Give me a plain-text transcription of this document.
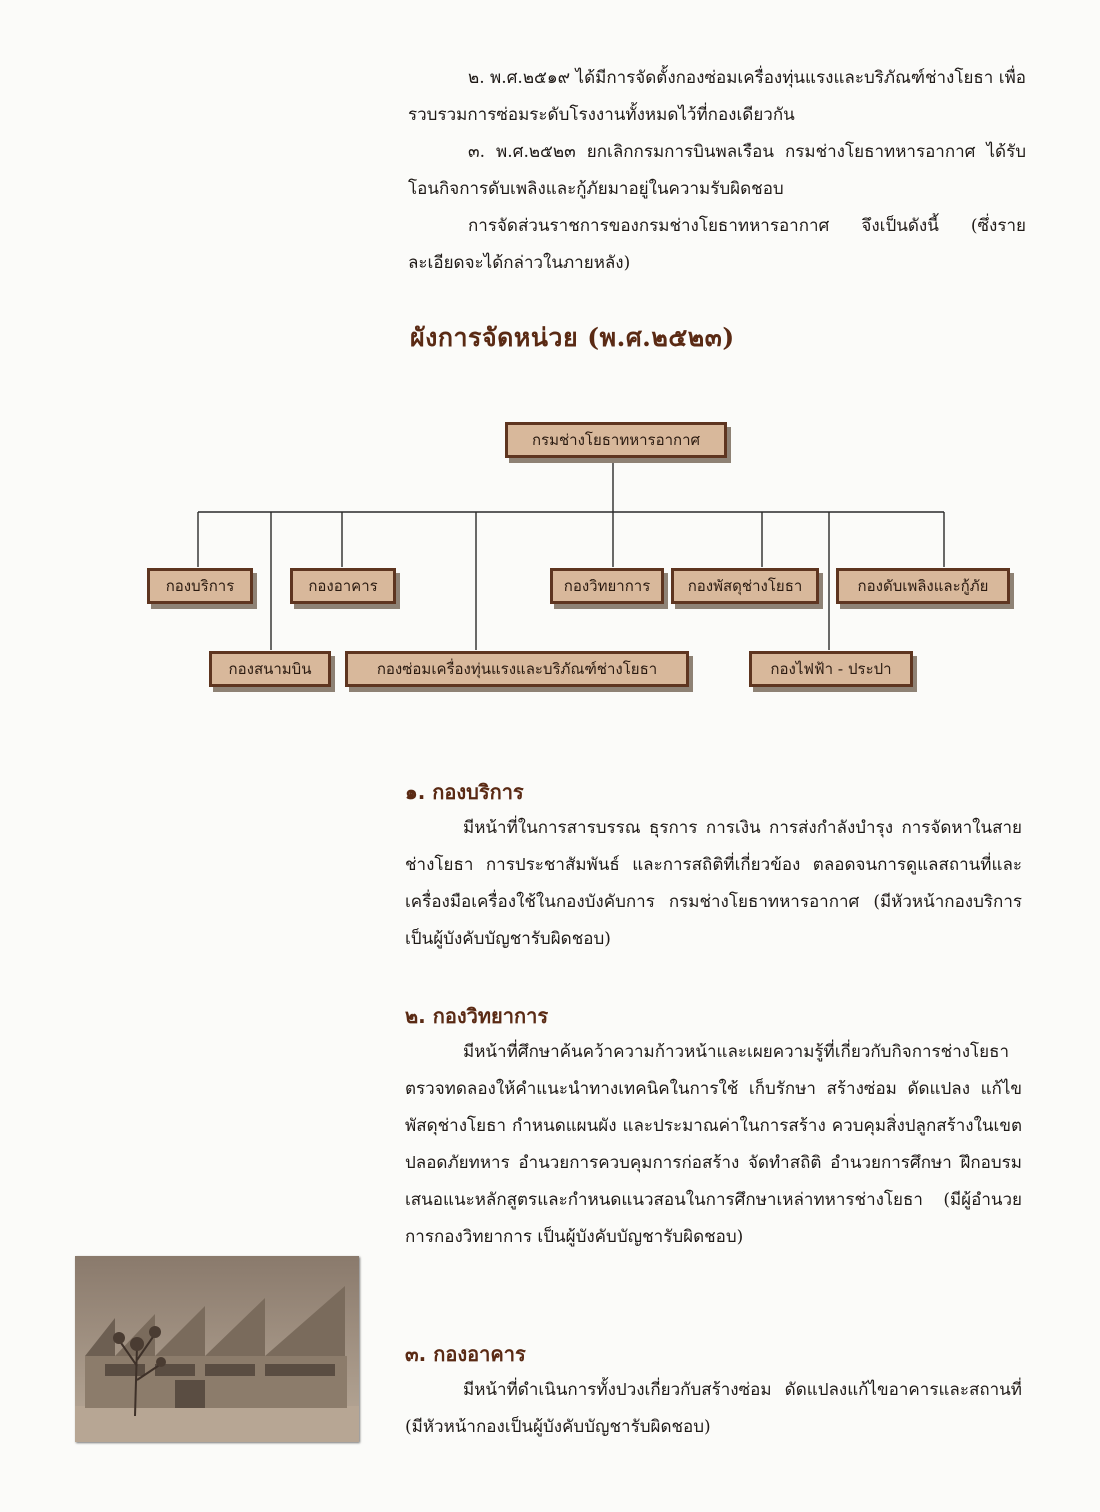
๒. พ.ศ.๒๕๑๙ ได้มีการจัดตั้งกองซ่อมเครื่องทุ่นแรงและบริภัณฑ์ช่างโยธา เพื่อรวบรวมการซ่อมระดับโรงงานทั้งหมดไว้ที่กองเดียวกัน

๓. พ.ศ.๒๕๒๓ ยกเลิกกรมการบินพลเรือน กรมช่างโยธาทหารอากาศ ได้รับโอนกิจการดับเพลิงและกู้ภัยมาอยู่ในความรับผิดชอบ

การจัดส่วนราชการของกรมช่างโยธาทหารอากาศ จึงเป็นดังนี้ (ซึ่งรายละเอียดจะได้กล่าวในภายหลัง)

ผังการจัดหน่วย (พ.ศ.๒๕๒๓)
กรมช่างโยธาทหารอากาศ
กองบริการ	กองอาคาร	กองวิทยาการ	กองพัสดุช่างโยธา	กองดับเพลิงและกู้ภัย
กองสนามบิน	กองซ่อมเครื่องทุ่นแรงและบริภัณฑ์ช่างโยธา	กองไฟฟ้า - ประปา
๑. กองบริการ

มีหน้าที่ในการสารบรรณ ธุรการ การเงิน การส่งกำลังบำรุง การจัดหาในสายช่างโยธา การประชาสัมพันธ์ และการสถิติที่เกี่ยวข้อง ตลอดจนการดูแลสถานที่และเครื่องมือเครื่องใช้ในกองบังคับการ กรมช่างโยธาทหารอากาศ (มีหัวหน้ากองบริการเป็นผู้บังคับบัญชารับผิดชอบ)

๒. กองวิทยาการ

มีหน้าที่ศึกษาค้นคว้าความก้าวหน้าและเผยความรู้ที่เกี่ยวกับกิจการช่างโยธา ตรวจทดลองให้คำแนะนำทางเทคนิคในการใช้ เก็บรักษา สร้างซ่อม ดัดแปลง แก้ไข พัสดุช่างโยธา กำหนดแผนผัง และประมาณค่าในการสร้าง ควบคุมสิ่งปลูกสร้างในเขตปลอดภัยทหาร อำนวยการควบคุมการก่อสร้าง จัดทำสถิติ อำนวยการศึกษา ฝึกอบรม เสนอแนะหลักสูตรและกำหนดแนวสอนในการศึกษาเหล่าทหารช่างโยธา (มีผู้อำนวยการกองวิทยาการ เป็นผู้บังคับบัญชารับผิดชอบ)

๓. กองอาคาร

มีหน้าที่ดำเนินการทั้งปวงเกี่ยวกับสร้างซ่อม ดัดแปลงแก้ไขอาคารและสถานที่ (มีหัวหน้ากองเป็นผู้บังคับบัญชารับผิดชอบ)
